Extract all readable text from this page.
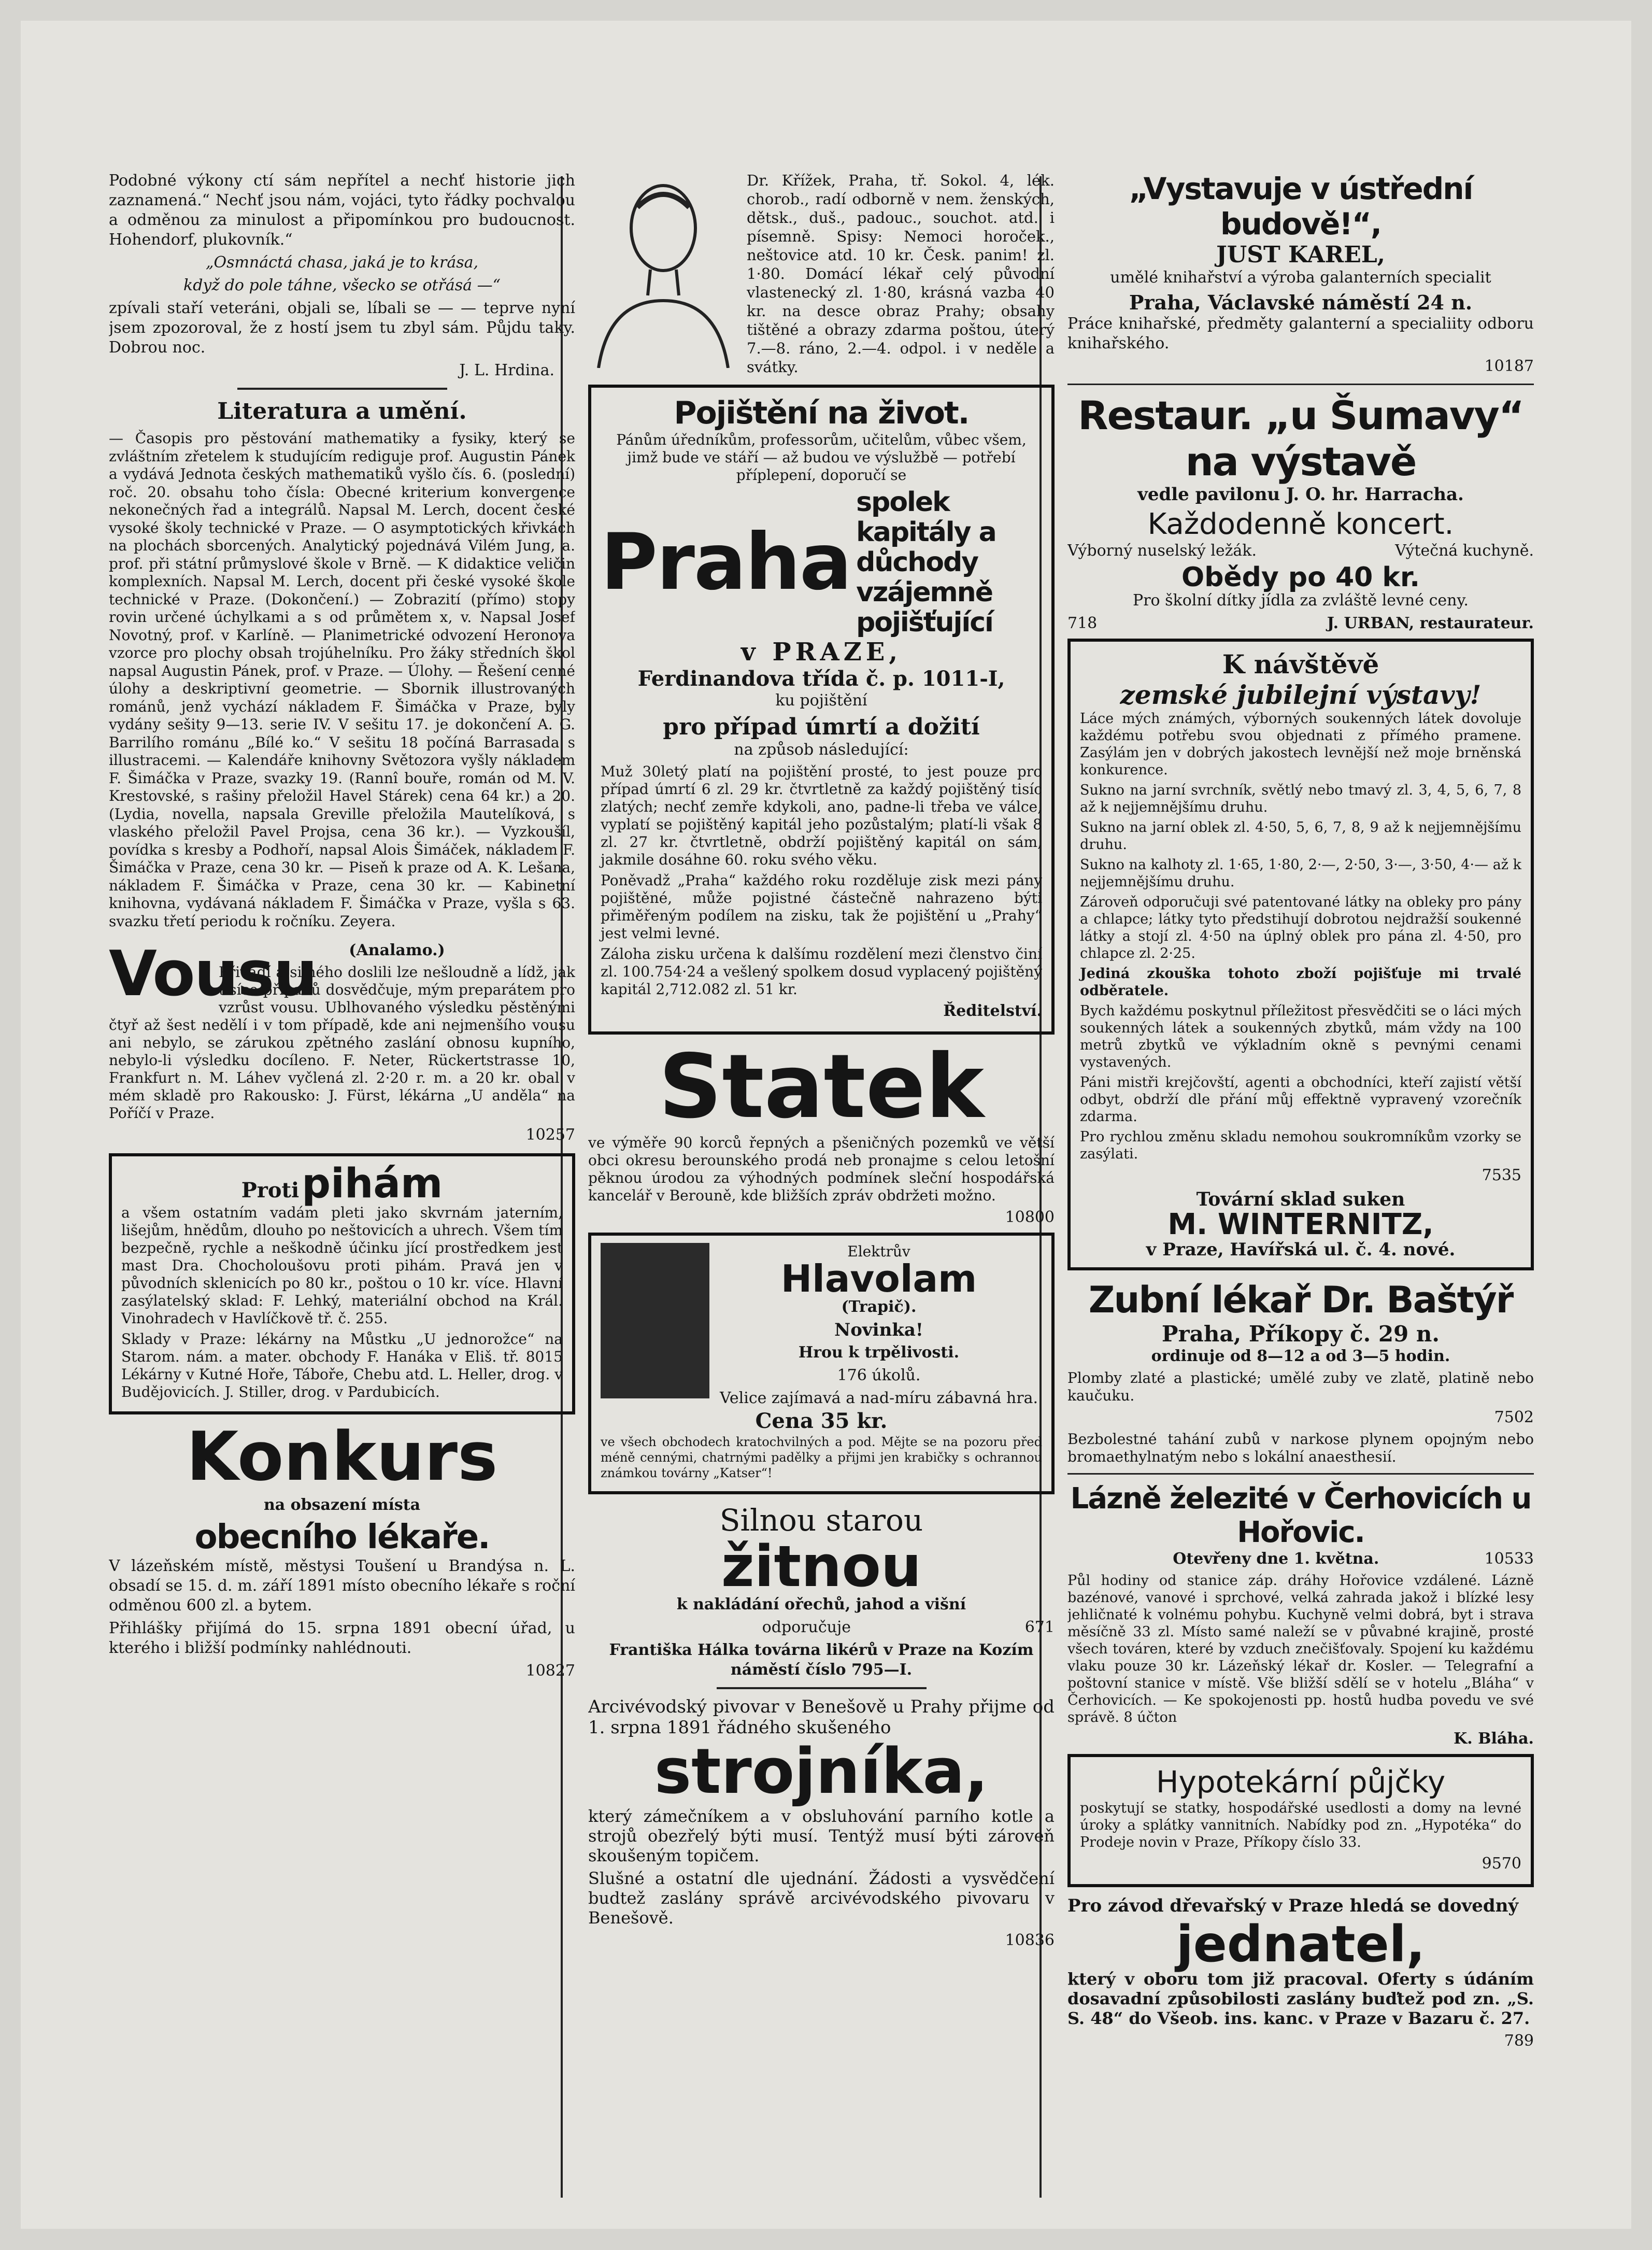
Podobné výkony ctí sám nepřítel a nechť historie jich zaznamená.“ Nechť jsou nám, vojáci, tyto řádky pochvalou a odměnou za minulost a připomínkou pro budoucnost. Hohendorf, plukovník.“

„Osmnáctá chasa, jaká je to krása,

když do pole táhne, všecko se otřásá —“

zpívali staří veteráni, objali se, líbali se — — teprve nyní jsem zpozoroval, že z hostí jsem tu zbyl sám. Půjdu taky. Dobrou noc.

J. L. Hrdina.

Literatura a umění.

— Časopis pro pěstování mathematiky a fysiky, který se zvláštním zřetelem k studujícím rediguje prof. Augustin Pánek a vydává Jednota českých mathematiků vyšlo čís. 6. (poslední) roč. 20. obsahu toho čísla: Obecné kriterium konvergence nekonečných řad a integrálů. Napsal M. Lerch, docent české vysoké školy technické v Praze. — O asymptotických křivkách na plochách sborcených. Analytický pojednává Vilém Jung, a. prof. při státní průmyslové škole v Brně. — K didaktice veličin komplexních. Napsal M. Lerch, docent při české vysoké škole technické v Praze. (Dokončení.) — Zobrazití (přímo) stopy rovin určené úchylkami a s od průmětem x, v. Napsal Josef Novotný, prof. v Karlíně. — Planimetrické odvození Heronova vzorce pro plochy obsah trojúhelníku. Pro žáky středních škol napsal Augustin Pánek, prof. v Praze. — Úlohy. — Řešení cenné úlohy a deskriptivní geometrie. — Sbornik illustrovaných románů, jenž vychází nákladem F. Šimáčka v Praze, byly vydány sešity 9—13. serie IV. V sešitu 17. je dokončení A. G. Barrilího románu „Bílé ko.“ V sešitu 18 počíná Barrasada s illustracemi. — Kalendáře knihovny Světozora vyšly nákladem F. Šimáčka v Praze, svazky 19. (Rannî bouře, román od M. V. Krestovské, s rašiny přeložil Havel Stárek) cena 64 kr.) a 20. (Lydia, novella, napsala Greville přeložila Mautelíková, s vlaského přeložil Pavel Projsa, cena 36 kr.). — Vyzkoušíl, povídka s kresby a Podhoří, napsal Alois Šimáček, nákladem F. Šimáčka v Praze, cena 30 kr. — Piseň k praze od A. K. Lešana, nákladem F. Šimáčka v Praze, cena 30 kr. — Kabinetní knihovna, vydávaná nákladem F. Šimáčka v Praze, vyšla s 63. svazku třetí periodu k ročníku. Zeyera.

Vousu	(Analamo.)

Přivádí a silného doslili lze nešloudně a lídž, jak tisíce případů dosvědčuje, mým preparátem pro vzrůst vousu. Ublhovaného výsledku pěstěnými čtyř až šest nedělí i v tom případě, kde ani nejmenšího vousu ani nebylo, se zárukou zpětného zaslání obnosu kupního, nebylo-li výsledku docíleno. F. Neter, Rückertstrasse 10, Frankfurt n. M. Láhev vyčlená zl. 2·20 r. m. a 20 kr. obal v mém skladě pro Rakousko: J. Fürst, lékárna „U anděla“ na Poříčí v Praze.

10257

Proti pihám

a všem ostatním vadám pleti jako skvrnám jaterním, lišejům, hnědům, dlouho po neštovicích a uhrech. Všem tím bezpečně, rychle a neškodně účinku jící prostředkem jest mast Dra. Chocholoušovu proti pihám. Pravá jen v původních sklenicích po 80 kr., poštou o 10 kr. více. Hlavní zasýlatelský sklad: F. Lehký, materiální obchod na Král. Vinohradech v Havlíčkově tř. č. 255.

Sklady v Praze: lékárny na Můstku „U jednorožce“ na Starom. nám. a mater. obchody F. Hanáka v Eliš. tř. 8015 Lékárny v Kutné Hoře, Táboře, Chebu atd. L. Heller, drog. v Budějovicích. J. Stiller, drog. v Pardubicích.

Konkurs

na obsazení místa

obecního lékaře.

V lázeňském místě, městysi Toušení u Brandýsa n. L. obsadí se 15. d. m. září 1891 místo obecního lékaře s roční odměnou 600 zl. a bytem.

Přihlášky přijímá do 15. srpna 1891 obecní úřad, u kterého i bližší podmínky nahlédnouti.

10827

Dr. Křížek, Praha, tř. Sokol. 4, lék. chorob., radí odborně v nem. ženských, dětsk., duš., padouc., souchot. atd. i písemně. Spisy: Nemoci horoček., neštovice atd. 10 kr. Česk. panim! zl. 1·80. Domácí lékař celý původní vlastenecký zl. 1·80, krásná vazba 40 kr. na desce obraz Prahy; obsahy tištěné a obrazy zdarma poštou, úterý 7.—8. ráno, 2.—4. odpol. i v neděle a svátky.

Pojištění na život.

Pánům úředníkům, professorům, učitelům, vůbec všem, jimž bude ve stáří — až budou ve výslužbě — potřebí příplepení, doporučí se

Praha
spolek kapitály a
důchody vzájemně
pojišťující
v PRAZE,
Ferdinandova třída č. p. 1011-I,

ku pojištění

pro případ úmrtí a dožití

na způsob následující:

Muž 30letý platí na pojištění prosté, to jest pouze pro případ úmrtí 6 zl. 29 kr. čtvrtletně za každý pojištěný tisíc zlatých; nechť zemře kdykoli, ano, padne-li třeba ve válce, vyplatí se pojištěný kapitál jeho pozůstalým; platí-li však 8 zl. 27 kr. čtvrtletně, obdrží pojištěný kapitál on sám, jakmile dosáhne 60. roku svého věku.

Poněvadž „Praha“ každého roku rozděluje zisk mezi pány pojištěné, může pojistné částečně nahrazeno býti přiměřeným podílem na zisku, tak že pojištění u „Prahy“ jest velmi levné.

Záloha zisku určena k dalšímu rozdělení mezi členstvo činí zl. 100.754·24 a vešlený spolkem dosud vyplacený pojištěný kapitál 2,712.082 zl. 51 kr.

Ředitelství.

Statek

ve výměře 90 korců řepných a pšeničných pozemků ve větší obci okresu berounského prodá neb pronajme s celou letošní pěknou úrodou za výhodných podmínek sleční hospodářská kancelář v Berouně, kde bližších zpráv obdržeti možno.

10800

Elektrův
Hlavolam

(Trapič).

Novinka!

Hrou k trpělivosti.

176 úkolů.

Velice zajímavá a nad-míru zábavná hra.

Cena 35 kr.

ve všech obchodech kratochvilných a pod. Mějte se na pozoru před méně cennými, chatrnými padělky a přijmi jen krabičky s ochrannou známkou továrny „Katser“!

Silnou starou
žitnou

k nakládání ořechů, jahod a višní

odporučuje	671

Františka Hálka továrna likérů v Praze na Kozím náměstí číslo 795—I.

Arcivévodský pivovar v Benešově u Prahy přijme od 1. srpna 1891 řádného skušeného

strojníka,

který zámečníkem a v obsluhování parního kotle a strojů obezřelý býti musí. Tentýž musí býti zároveň skoušeným topičem.

Slušné a ostatní dle ujednání. Žádosti a vysvědčení budtež zaslány správě arcivévodského pivovaru v Benešově.

10836

„Vystavuje v ústřední budově!“,
JUST KAREL,

umělé knihařství a výroba galanterních specialit

Praha, Václavské náměstí 24 n.

Práce knihařské, předměty galanterní a specialiity odboru knihařského.

10187

Restaur. „u Šumavy“ na výstavě

vedle pavilonu J. O. hr. Harracha.

Každodenně koncert.
Výborný nuselský ležák.	Výtečná kuchyně.
Obědy po 40 kr.

Pro školní dítky jídla za zvláště levné ceny.

718	J. URBAN, restaurateur.
K návštěvě
zemské jubilejní výstavy!

Láce mých známých, výborných soukenných látek dovoluje každému potřebu svou objednati z přímého pramene. Zasýlám jen v dobrých jakostech levnější než moje brněnská konkurence.

Sukno na jarní svrchník, světlý nebo tmavý zl. 3, 4, 5, 6, 7, 8 až k nejjemnějšímu druhu.

Sukno na jarní oblek zl. 4·50, 5, 6, 7, 8, 9 až k nejjemnějšímu druhu.

Sukno na kalhoty zl. 1·65, 1·80, 2·—, 2·50, 3·—, 3·50, 4·— až k nejjemnějšímu druhu.

Zároveň odporučuji své patentované látky na obleky pro pány a chlapce; látky tyto předstihují dobrotou nejdražší soukenné látky a stojí zl. 4·50 na úplný oblek pro pána zl. 4·50, pro chlapce zl. 2·25.

Jediná zkouška tohoto zboží pojišťuje mi trvalé odběratele.

Bych každému poskytnul příležitost přesvědčiti se o láci mých soukenných látek a soukenných zbytků, mám vždy na 100 metrů zbytků ve výkladním okně s pevnými cenami vystavených.

Páni mistři krejčovští, agenti a obchodníci, kteří zajistí větší odbyt, obdrží dle přání můj effektně vypravený vzorečník zdarma.

Pro rychlou změnu skladu nemohou soukromníkům vzorky se zasýlati.

7535

Tovární sklad suken
M. WINTERNITZ,
v Praze, Havířská ul. č. 4. nové.
Zubní lékař Dr. Baštýř
Praha, Příkopy č. 29 n.

ordinuje od 8—12 a od 3—5 hodin.

Plomby zlaté a plastické; umělé zuby ve zlatě, platině nebo kaučuku.

7502

Bezbolestné tahání zubů v narkose plynem opojným nebo bromaethylnatým nebo s lokální anaesthesií.

Lázně železité v Čerhovicích u Hořovic.
Otevřeny dne 1. května.	10533

Půl hodiny od stanice záp. dráhy Hořovice vzdálené. Lázně bazénové, vanové i sprchové, velká zahrada jakož i blízké lesy jehličnaté k volnému pohybu. Kuchyně velmi dobrá, byt i strava měsíčně 33 zl. Místo samé naleží se v půvabné krajině, prosté všech továren, které by vzduch znečišťovaly. Spojení ku každému vlaku pouze 30 kr. Lázeňský lékař dr. Kosler. — Telegrafní a poštovní stanice v místě. Vše bližší sdělí se v hotelu „Bláha“ v Čerhovicích. — Ke spokojenosti pp. hostů hudba povedu ve své správě. 8 účton

K. Bláha.

Hypotekární půjčky

poskytují se statky, hospodářské usedlosti a domy na levné úroky a splátky vannitních. Nabídky pod zn. „Hypotéka“ do Prodeje novin v Praze, Příkopy číslo 33.

9570

Pro závod dřevařský v Praze hledá se dovedný

jednatel,

který v oboru tom již pracoval. Oferty s údáním dosavadní způsobilosti zaslány buďtež pod zn. „S. S. 48“ do Všeob. ins. kanc. v Praze v Bazaru č. 27.

789
